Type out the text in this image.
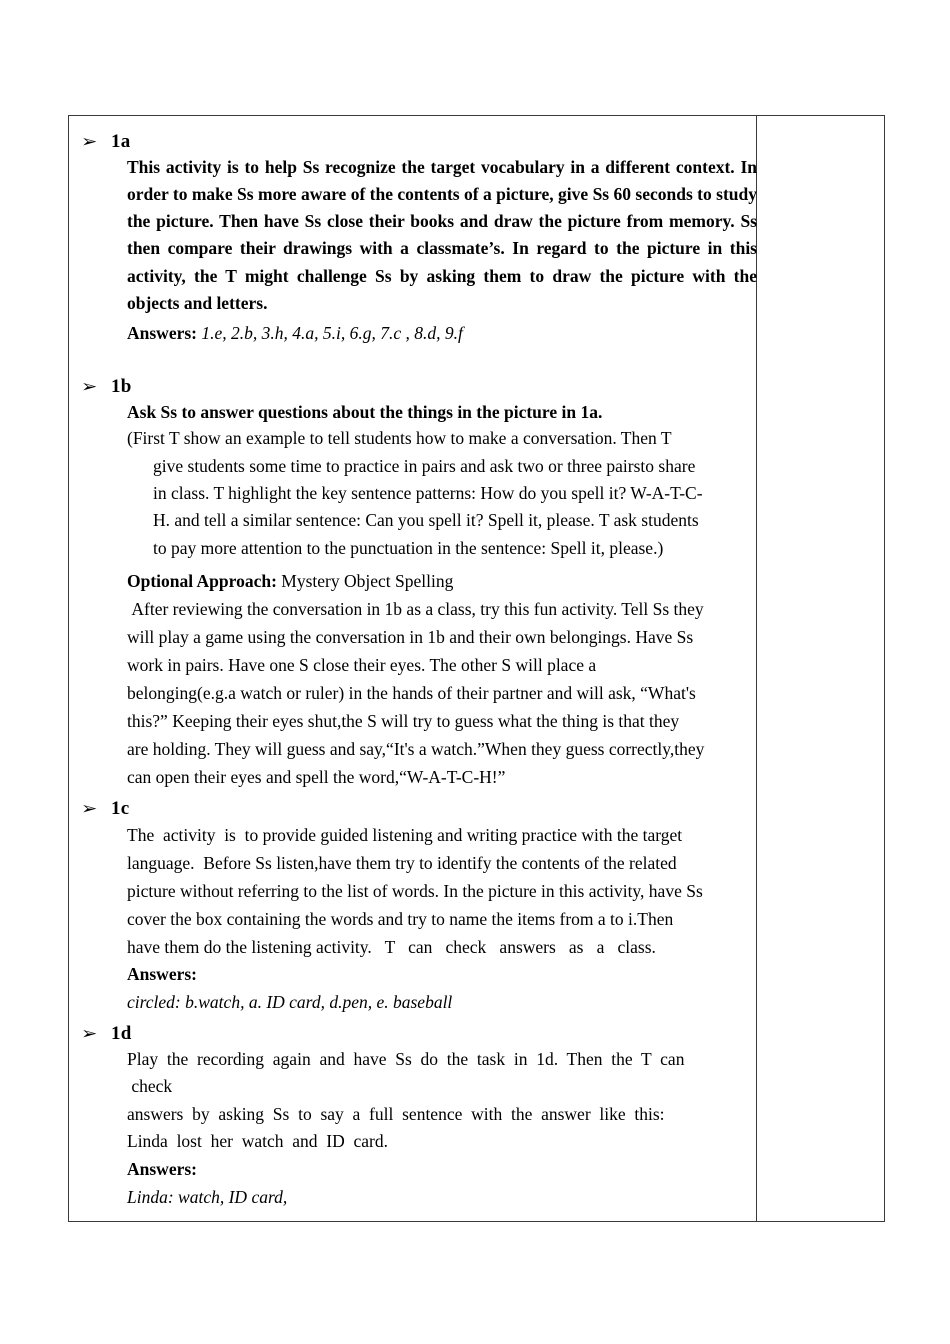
➢ 1a

This activity is to help Ss recognize the target vocabulary in a different context. In order to make Ss more aware of the contents of a picture, give Ss 60 seconds to study the picture. Then have Ss close their books and draw the picture from memory. Ss then compare their drawings with a classmate’s. In regard to the picture in this activity, the T might challenge Ss by asking them to draw the picture with the objects and letters.

Answers: 1.e, 2.b, 3.h, 4.a, 5.i, 6.g, 7.c , 8.d, 9.f

➢ 1b

Ask Ss to answer questions about the things in the picture in 1a.

(First T show an example to tell students how to make a conversation. Then T
give students some time to practice in pairs and ask two or three pairsto share
in class. T highlight the key sentence patterns: How do you spell it? W-A-T-C-
H. and tell a similar sentence: Can you spell it? Spell it, please. T ask students
to pay more attention to the punctuation in the sentence: Spell it, please.)

Optional Approach: Mystery Object Spelling

After reviewing the conversation in 1b as a class, try this fun activity. Tell Ss they
will play a game using the conversation in 1b and their own belongings. Have Ss
work in pairs. Have one S close their eyes. The other S will place a
belonging(e.g.a watch or ruler) in the hands of their partner and will ask, “What's
this?” Keeping their eyes shut,the S will try to guess what the thing is that they
are holding. They will guess and say,“It's a watch.”When they guess correctly,they
can open their eyes and spell the word,“W-A-T-C-H!”
➢ 1c
The  activity  is  to provide guided listening and writing practice with the target
language.  Before Ss listen,have them try to identify the contents of the related
picture without referring to the list of words. In the picture in this activity, have Ss
cover the box containing the words and try to name the items from a to i.Then
have them do the listening activity.   T   can   check   answers   as   a   class.

Answers:

circled: b.watch, a. ID card, d.pen, e. baseball

➢ 1d
Play  the  recording  again  and  have  Ss  do  the  task  in  1d.  Then  the  T  can
check
answers  by  asking  Ss  to  say  a  full  sentence  with  the  answer  like  this:
Linda  lost  her  watch  and  ID  card.

Answers:

Linda: watch, ID card,
